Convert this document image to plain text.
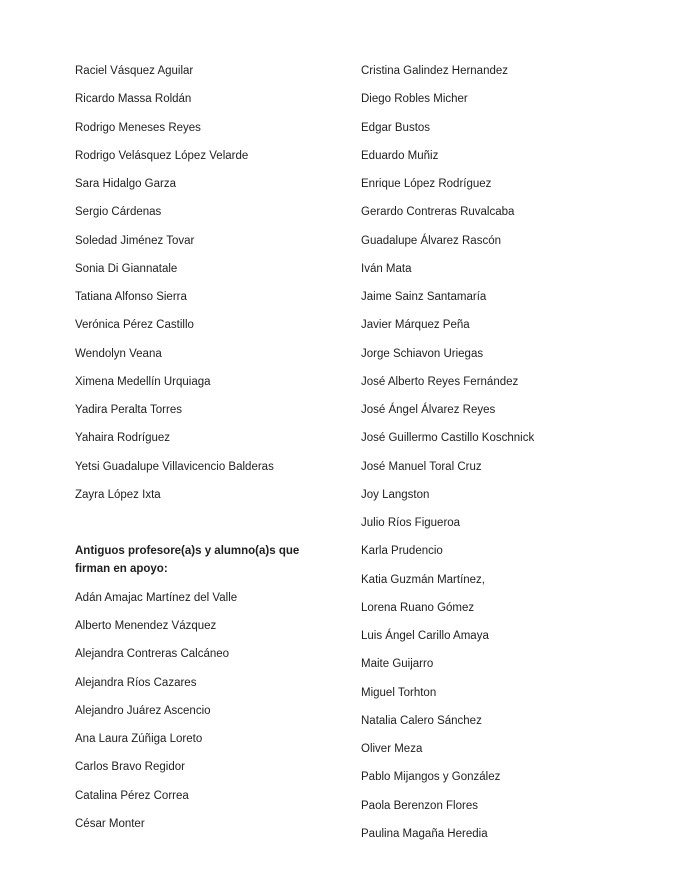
Raciel Vásquez Aguilar
Ricardo Massa Roldán
Rodrigo Meneses Reyes
Rodrigo Velásquez López Velarde
Sara Hidalgo Garza
Sergio Cárdenas
Soledad Jiménez Tovar
Sonia Di Giannatale
Tatiana Alfonso Sierra
Verónica Pérez Castillo
Wendolyn Veana
Ximena Medellín Urquiaga
Yadira Peralta Torres
Yahaira Rodríguez
Yetsi Guadalupe Villavicencio Balderas
Zayra López Ixta
Antiguos profesore(a)s y alumno(a)s que firman en apoyo:
Adán Amajac Martínez del Valle
Alberto Menendez Vázquez
Alejandra Contreras Calcáneo
Alejandra Ríos Cazares
Alejandro Juárez Ascencio
Ana Laura Zúñiga Loreto
Carlos Bravo Regidor
Catalina Pérez Correa
César Monter
Cristina Galindez Hernandez
Diego Robles Micher
Edgar Bustos
Eduardo Muñiz
Enrique López Rodríguez
Gerardo Contreras Ruvalcaba
Guadalupe Álvarez Rascón
Iván Mata
Jaime Sainz Santamaría
Javier Márquez Peña
Jorge Schiavon Uriegas
José Alberto Reyes Fernández
José Ángel Álvarez Reyes
José Guillermo Castillo Koschnick
José Manuel Toral Cruz
Joy Langston
Julio Ríos Figueroa
Karla Prudencio
Katia Guzmán Martínez,
Lorena Ruano Gómez
Luis Ángel Carillo Amaya
Maite Guijarro
Miguel Torhton
Natalia Calero Sánchez
Oliver Meza
Pablo Mijangos y González
Paola Berenzon Flores
Paulina Magaña Heredia
